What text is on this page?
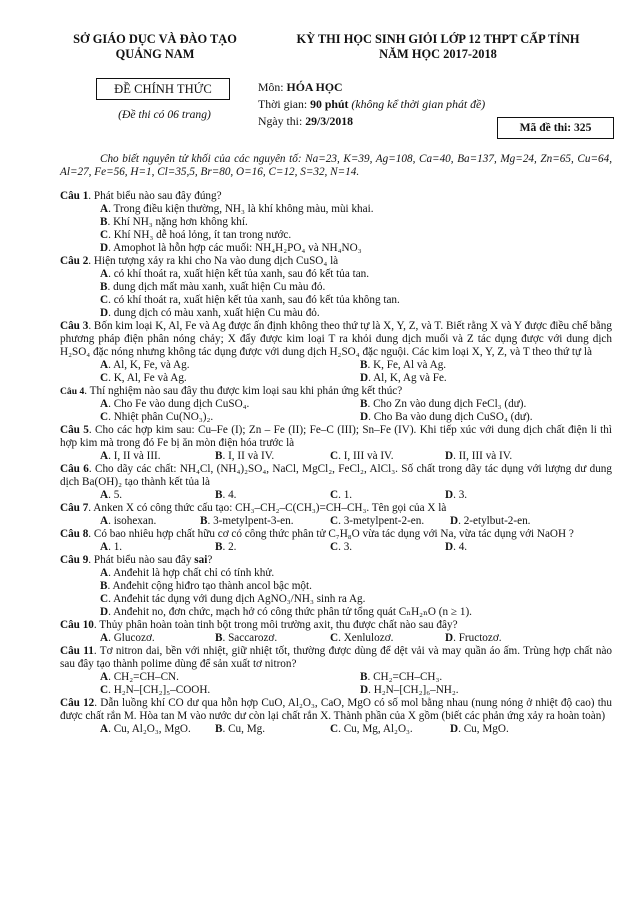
SỞ GIÁO DỤC VÀ ĐÀO TẠO
QUẢNG NAM
ĐỀ CHÍNH THỨC
(Đề thi có 06 trang)
KỲ THI HỌC SINH GIỎI LỚP 12 THPT CẤP TỈNH
NĂM HỌC 2017-2018
Môn: HÓA HỌC
Thời gian: 90 phút (không kể thời gian phát đề)
Ngày thi: 29/3/2018	Mã đề thi: 325
Cho biết nguyên tử khối của các nguyên tố: Na=23, K=39, Ag=108, Ca=40, Ba=137, Mg=24, Zn=65, Cu=64, Al=27, Fe=56, H=1, Cl=35,5, Br=80, O=16, C=12, S=32, N=14.

Câu 1. Phát biểu nào sau đây đúng?

A. Trong điều kiện thường, NH₃ là khí không màu, mùi khai.

B. Khí NH₃ nặng hơn không khí.

C. Khí NH₃ dễ hoá lỏng, ít tan trong nước.

D. Amophot là hỗn hợp các muối: NH₄H₂PO₄ và NH₄NO₃

Câu 2. Hiện tượng xảy ra khi cho Na vào dung dịch CuSO₄ là

A. có khí thoát ra, xuất hiện kết tủa xanh, sau đó kết tủa tan.

B. dung dịch mất màu xanh, xuất hiện Cu màu đỏ.

C. có khí thoát ra, xuất hiện kết tủa xanh, sau đó kết tủa không tan.

D. dung dịch có màu xanh, xuất hiện Cu màu đỏ.

Câu 3. Bốn kim loại K, Al, Fe và Ag được ấn định không theo thứ tự là X, Y, Z, và T. Biết rằng X và Y được điều chế bằng phương pháp điện phân nóng chảy; X đẩy được kim loại T ra khỏi dung dịch muối và Z tác dụng được với dung dịch H₂SO₄ đặc nóng nhưng không tác dụng được với dung dịch H₂SO₄ đặc nguội. Các kim loại X, Y, Z, và T theo thứ tự là

A. Al, K, Fe, và Ag.	B. K, Fe, Al và Ag.
C. K, Al, Fe và Ag.	D. Al, K, Ag và Fe.

Câu 4. Thí nghiệm nào sau đây thu được kim loại sau khi phản ứng kết thúc?

A. Cho Fe vào dung dịch CuSO₄.	B. Cho Zn vào dung dịch FeCl₃ (dư).
C. Nhiệt phân Cu(NO₃)₂.	D. Cho Ba vào dung dịch CuSO₄ (dư).

Câu 5. Cho các hợp kim sau: Cu–Fe (I); Zn – Fe (II); Fe–C (III); Sn–Fe (IV). Khi tiếp xúc với dung dịch chất điện li thì hợp kim mà trong đó Fe bị ăn mòn điện hóa trước là

A. I, II và III.	B. I, II và IV.	C. I, III và IV.	D. II, III và IV.

Câu 6. Cho dãy các chất: NH₄Cl, (NH₄)₂SO₄, NaCl, MgCl₂, FeCl₂, AlCl₃. Số chất trong dãy tác dụng với lượng dư dung dịch Ba(OH)₂ tạo thành kết tủa là

A. 5.	B. 4.	C. 1.	D. 3.

Câu 7. Anken X có công thức cấu tạo: CH₃–CH₂–C(CH₃)=CH–CH₃. Tên gọi của X là

A. isohexan.	B. 3-metylpent-3-en.	C. 3-metylpent-2-en.	D. 2-etylbut-2-en.

Câu 8. Có bao nhiêu hợp chất hữu cơ có công thức phân tử C₇H₈O vừa tác dụng với Na, vừa tác dụng với NaOH ?

A. 1.	B. 2.	C. 3.	D. 4.

Câu 9. Phát biểu nào sau đây sai?

A. Anđehit là hợp chất chỉ có tính khử.

B. Anđehit cộng hiđro tạo thành ancol bậc một.

C. Anđehit tác dụng với dung dịch AgNO₃/NH₃ sinh ra Ag.

D. Anđehit no, đơn chức, mạch hở có công thức phân tử tổng quát CₙH₂ₙO (n ≥ 1).

Câu 10. Thủy phân hoàn toàn tinh bột trong môi trường axit, thu được chất nào sau đây?

A. Glucozơ.	B. Saccarozơ.	C. Xenlulozơ.	D. Fructozơ.

Câu 11. Tơ nitron dai, bền với nhiệt, giữ nhiệt tốt, thường được dùng để dệt vải và may quần áo ấm. Trùng hợp chất nào sau đây tạo thành polime dùng để sản xuất tơ nitron?

A. CH₂=CH–CN.	B. CH₂=CH–CH₃.
C. H₂N–[CH₂]₅–COOH.	D. H₂N–[CH₂]₆–NH₂.

Câu 12. Dẫn luồng khí CO dư qua hỗn hợp CuO, Al₂O₃, CaO, MgO có số mol bằng nhau (nung nóng ở nhiệt độ cao) thu được chất rắn M. Hòa tan M vào nước dư còn lại chất rắn X. Thành phần của X gồm (biết các phản ứng xảy ra hoàn toàn)

A. Cu, Al₂O₃, MgO.	B. Cu, Mg.	C. Cu, Mg, Al₂O₃.	D. Cu, MgO.
